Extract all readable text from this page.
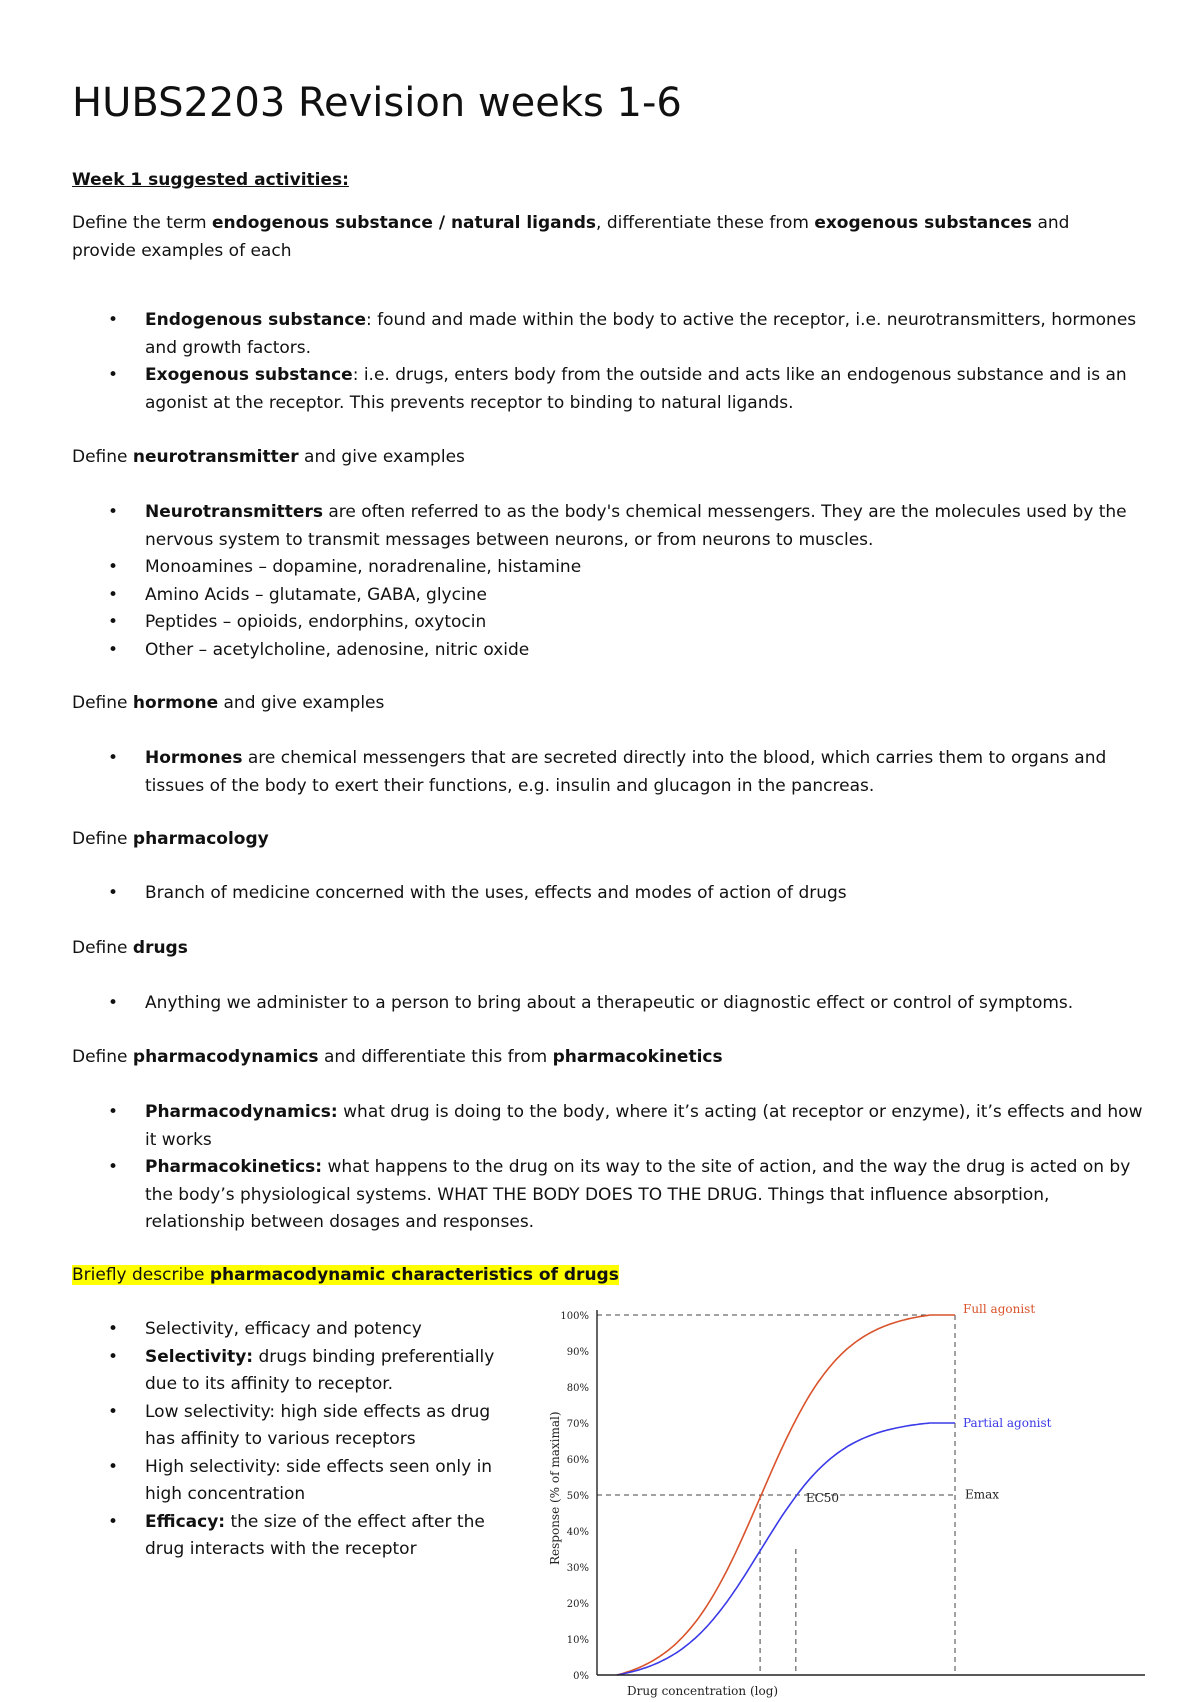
HUBS2203 Revision weeks 1-6
Week 1 suggested activities:
Define the term endogenous substance / natural ligands, differentiate these from exogenous substances and provide examples of each
• Endogenous substance: found and made within the body to active the receptor, i.e. neurotransmitters, hormones and growth factors.
• Exogenous substance: i.e. drugs, enters body from the outside and acts like an endogenous substance and is an agonist at the receptor. This prevents receptor to binding to natural ligands.
Define neurotransmitter and give examples
• Neurotransmitters are often referred to as the body's chemical messengers. They are the molecules used by the nervous system to transmit messages between neurons, or from neurons to muscles.
• Monoamines – dopamine, noradrenaline, histamine
• Amino Acids – glutamate, GABA, glycine
• Peptides – opioids, endorphins, oxytocin
• Other – acetylcholine, adenosine, nitric oxide
Define hormone and give examples
• Hormones are chemical messengers that are secreted directly into the blood, which carries them to organs and tissues of the body to exert their functions, e.g. insulin and glucagon in the pancreas.
Define pharmacology
• Branch of medicine concerned with the uses, effects and modes of action of drugs
Define drugs
• Anything we administer to a person to bring about a therapeutic or diagnostic effect or control of symptoms.
Define pharmacodynamics and differentiate this from pharmacokinetics
• Pharmacodynamics: what drug is doing to the body, where it’s acting (at receptor or enzyme), it’s effects and how it works
• Pharmacokinetics: what happens to the drug on its way to the site of action, and the way the drug is acted on by the body’s physiological systems. WHAT THE BODY DOES TO THE DRUG. Things that influence absorption, relationship between dosages and responses.
Briefly describe pharmacodynamic characteristics of drugs
• Selectivity, efficacy and potency
• Selectivity: drugs binding preferentially due to its affinity to receptor.
• Low selectivity: high side effects as drug has affinity to various receptors
• High selectivity: side effects seen only in high concentration
• Efficacy: the size of the effect after the drug interacts with the receptor
0%
10%
20%
30%
40%
50%
60%
70%
80%
90%
100%
Drug concentration (log)
Response (% of maximal)
Full agonist
Partial agonist
EC50	Emax
